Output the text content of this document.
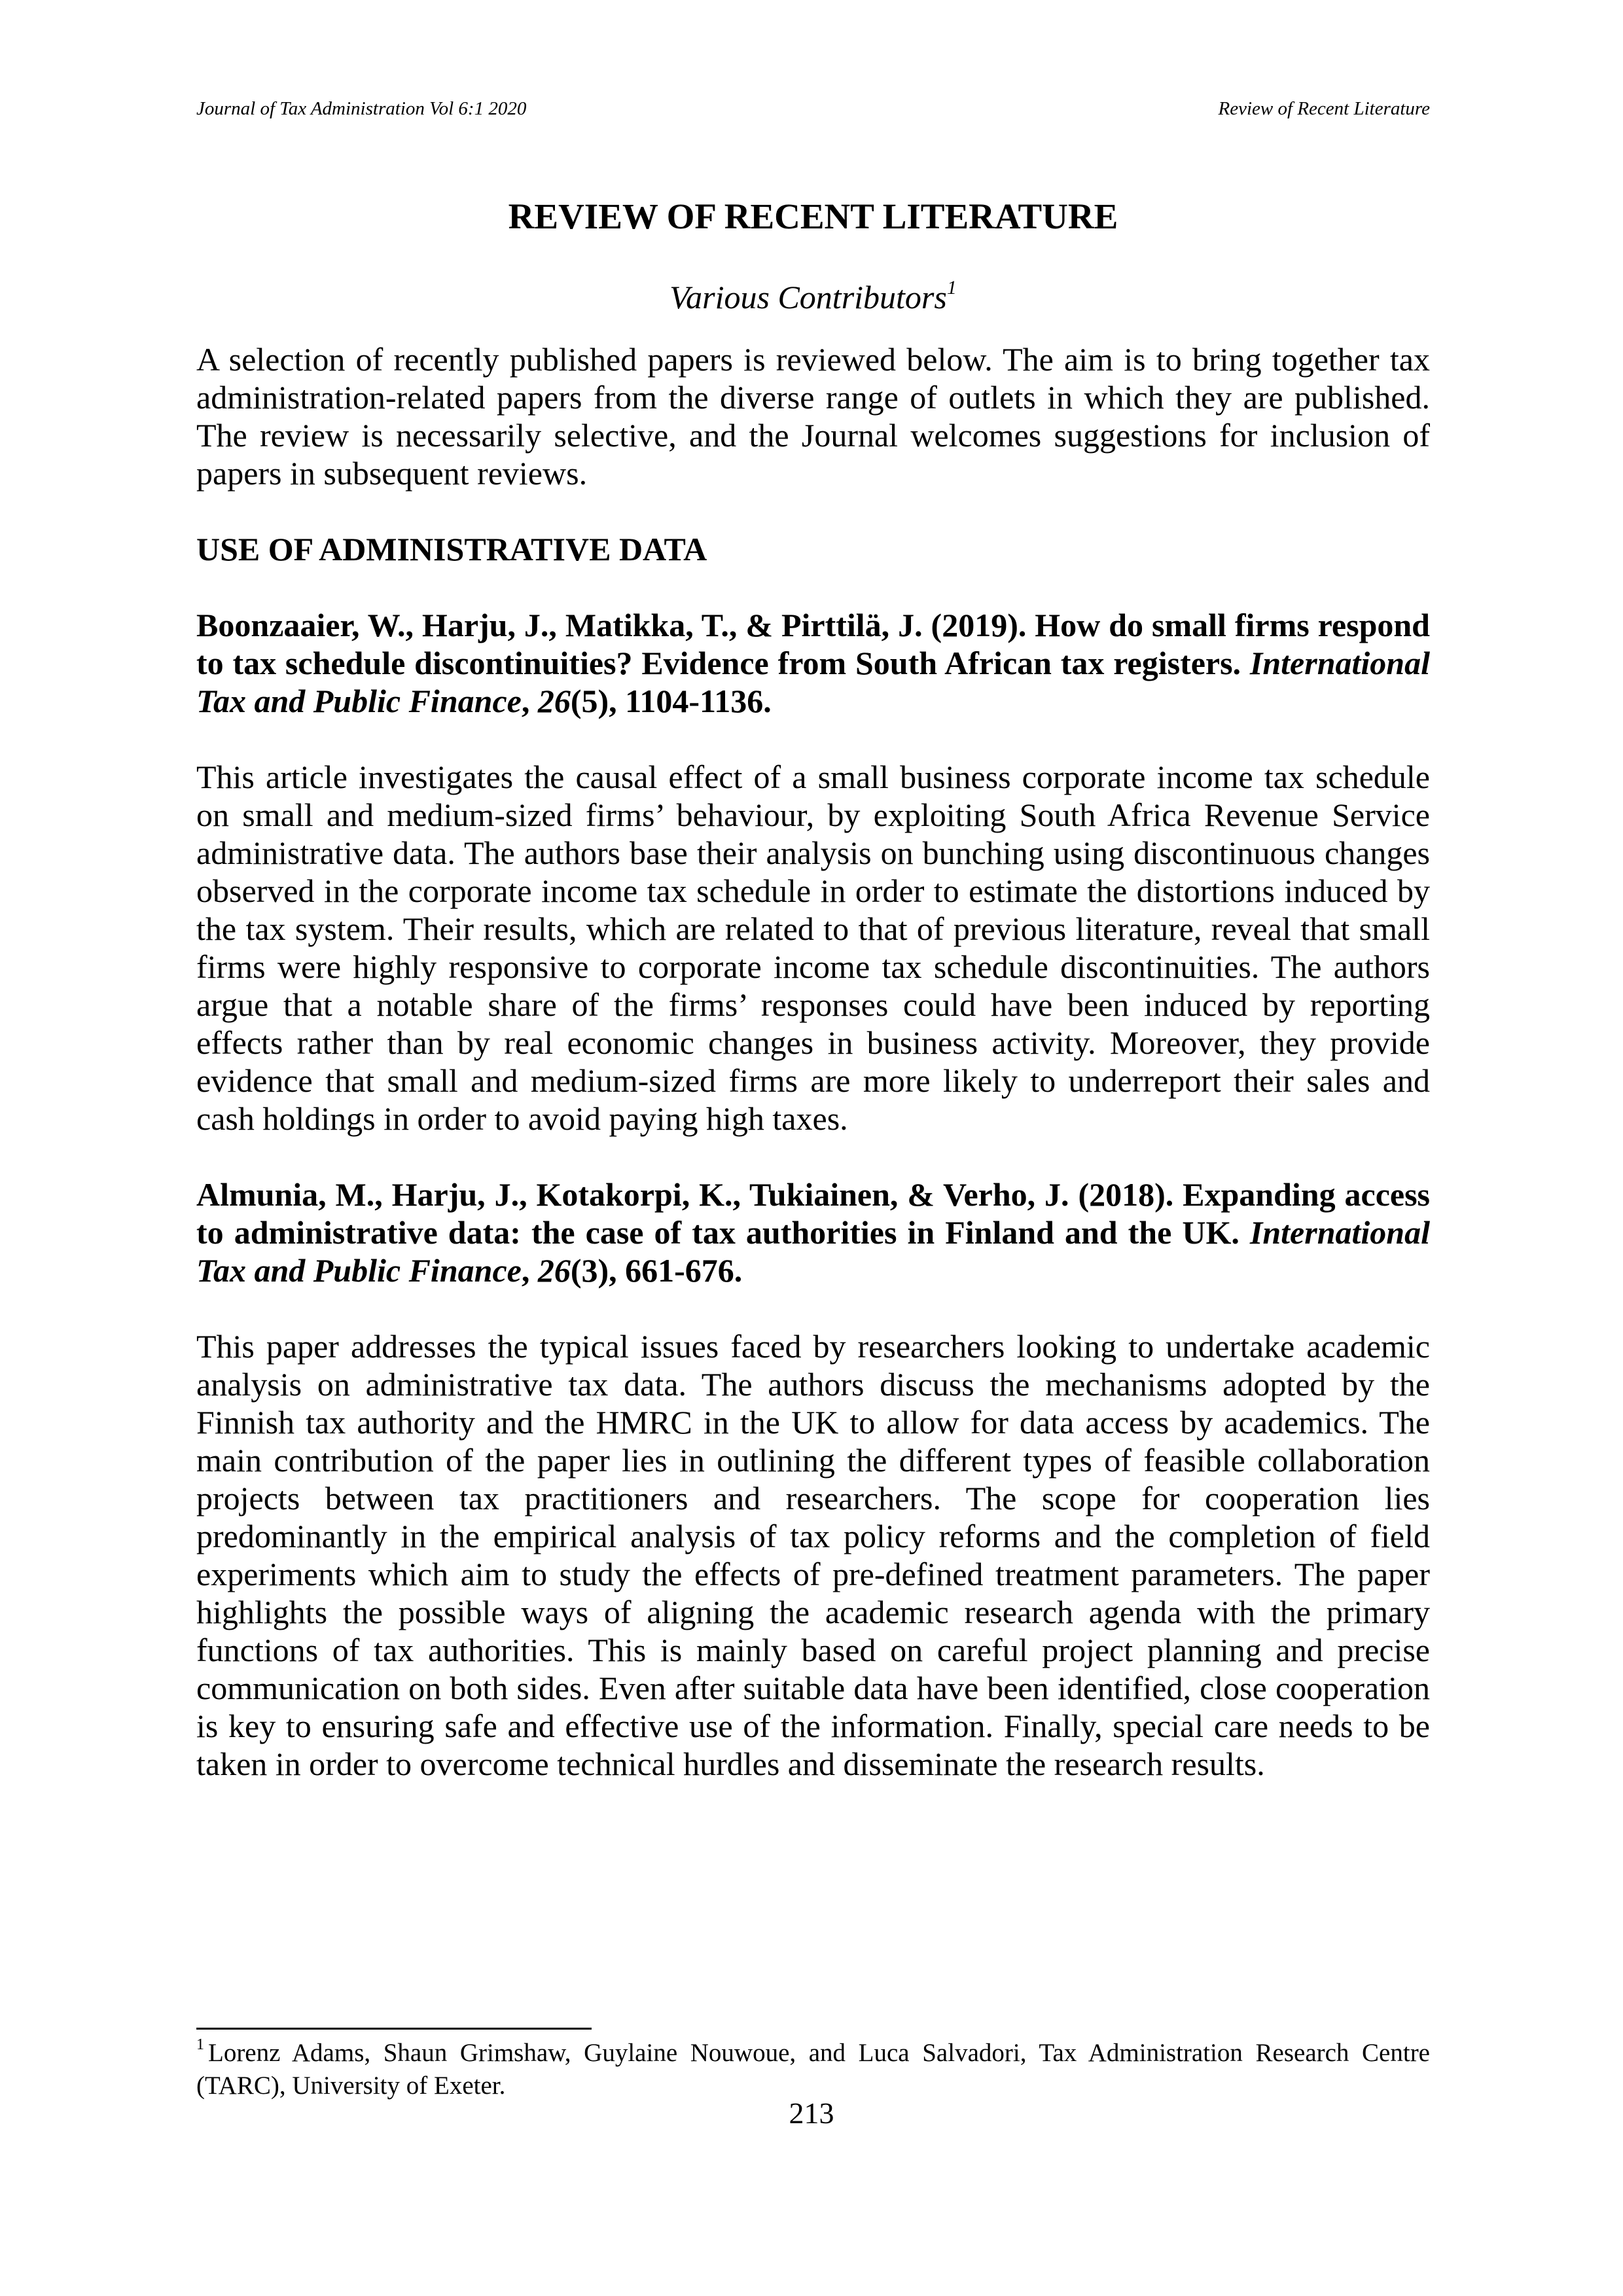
Journal of Tax Administration Vol 6:1 2020	Review of Recent Literature
REVIEW OF RECENT LITERATURE
Various Contributors$^1$

A selection of recently published papers is reviewed below. The aim is to bring together tax administration-related papers from the diverse range of outlets in which they are published. The review is necessarily selective, and the Journal welcomes suggestions for inclusion of papers in subsequent reviews.

USE OF ADMINISTRATIVE DATA

Boonzaaier, W., Harju, J., Matikka, T., & Pirttilä, J. (2019). How do small firms respond to tax schedule discontinuities? Evidence from South African tax registers. International Tax and Public Finance, 26(5), 1104-1136.

This article investigates the causal effect of a small business corporate income tax schedule on small and medium-sized firms’ behaviour, by exploiting South Africa Revenue Service administrative data. The authors base their analysis on bunching using discontinuous changes observed in the corporate income tax schedule in order to estimate the distortions induced by the tax system. Their results, which are related to that of previous literature, reveal that small firms were highly responsive to corporate income tax schedule discontinuities. The authors argue that a notable share of the firms’ responses could have been induced by reporting effects rather than by real economic changes in business activity. Moreover, they provide evidence that small and medium-sized firms are more likely to underreport their sales and cash holdings in order to avoid paying high taxes.

Almunia, M., Harju, J., Kotakorpi, K., Tukiainen, & Verho, J. (2018). Expanding access to administrative data: the case of tax authorities in Finland and the UK. International Tax and Public Finance, 26(3), 661-676.

This paper addresses the typical issues faced by researchers looking to undertake academic analysis on administrative tax data. The authors discuss the mechanisms adopted by the Finnish tax authority and the HMRC in the UK to allow for data access by academics. The main contribution of the paper lies in outlining the different types of feasible collaboration projects between tax practitioners and researchers. The scope for cooperation lies predominantly in the empirical analysis of tax policy reforms and the completion of field experiments which aim to study the effects of pre-defined treatment parameters. The paper highlights the possible ways of aligning the academic research agenda with the primary functions of tax authorities. This is mainly based on careful project planning and precise communication on both sides. Even after suitable data have been identified, close cooperation is key to ensuring safe and effective use of the information. Finally, special care needs to be taken in order to overcome technical hurdles and disseminate the research results.

$^1$ Lorenz Adams, Shaun Grimshaw, Guylaine Nouwoue, and Luca Salvadori, Tax Administration Research Centre (TARC), University of Exeter.
213
